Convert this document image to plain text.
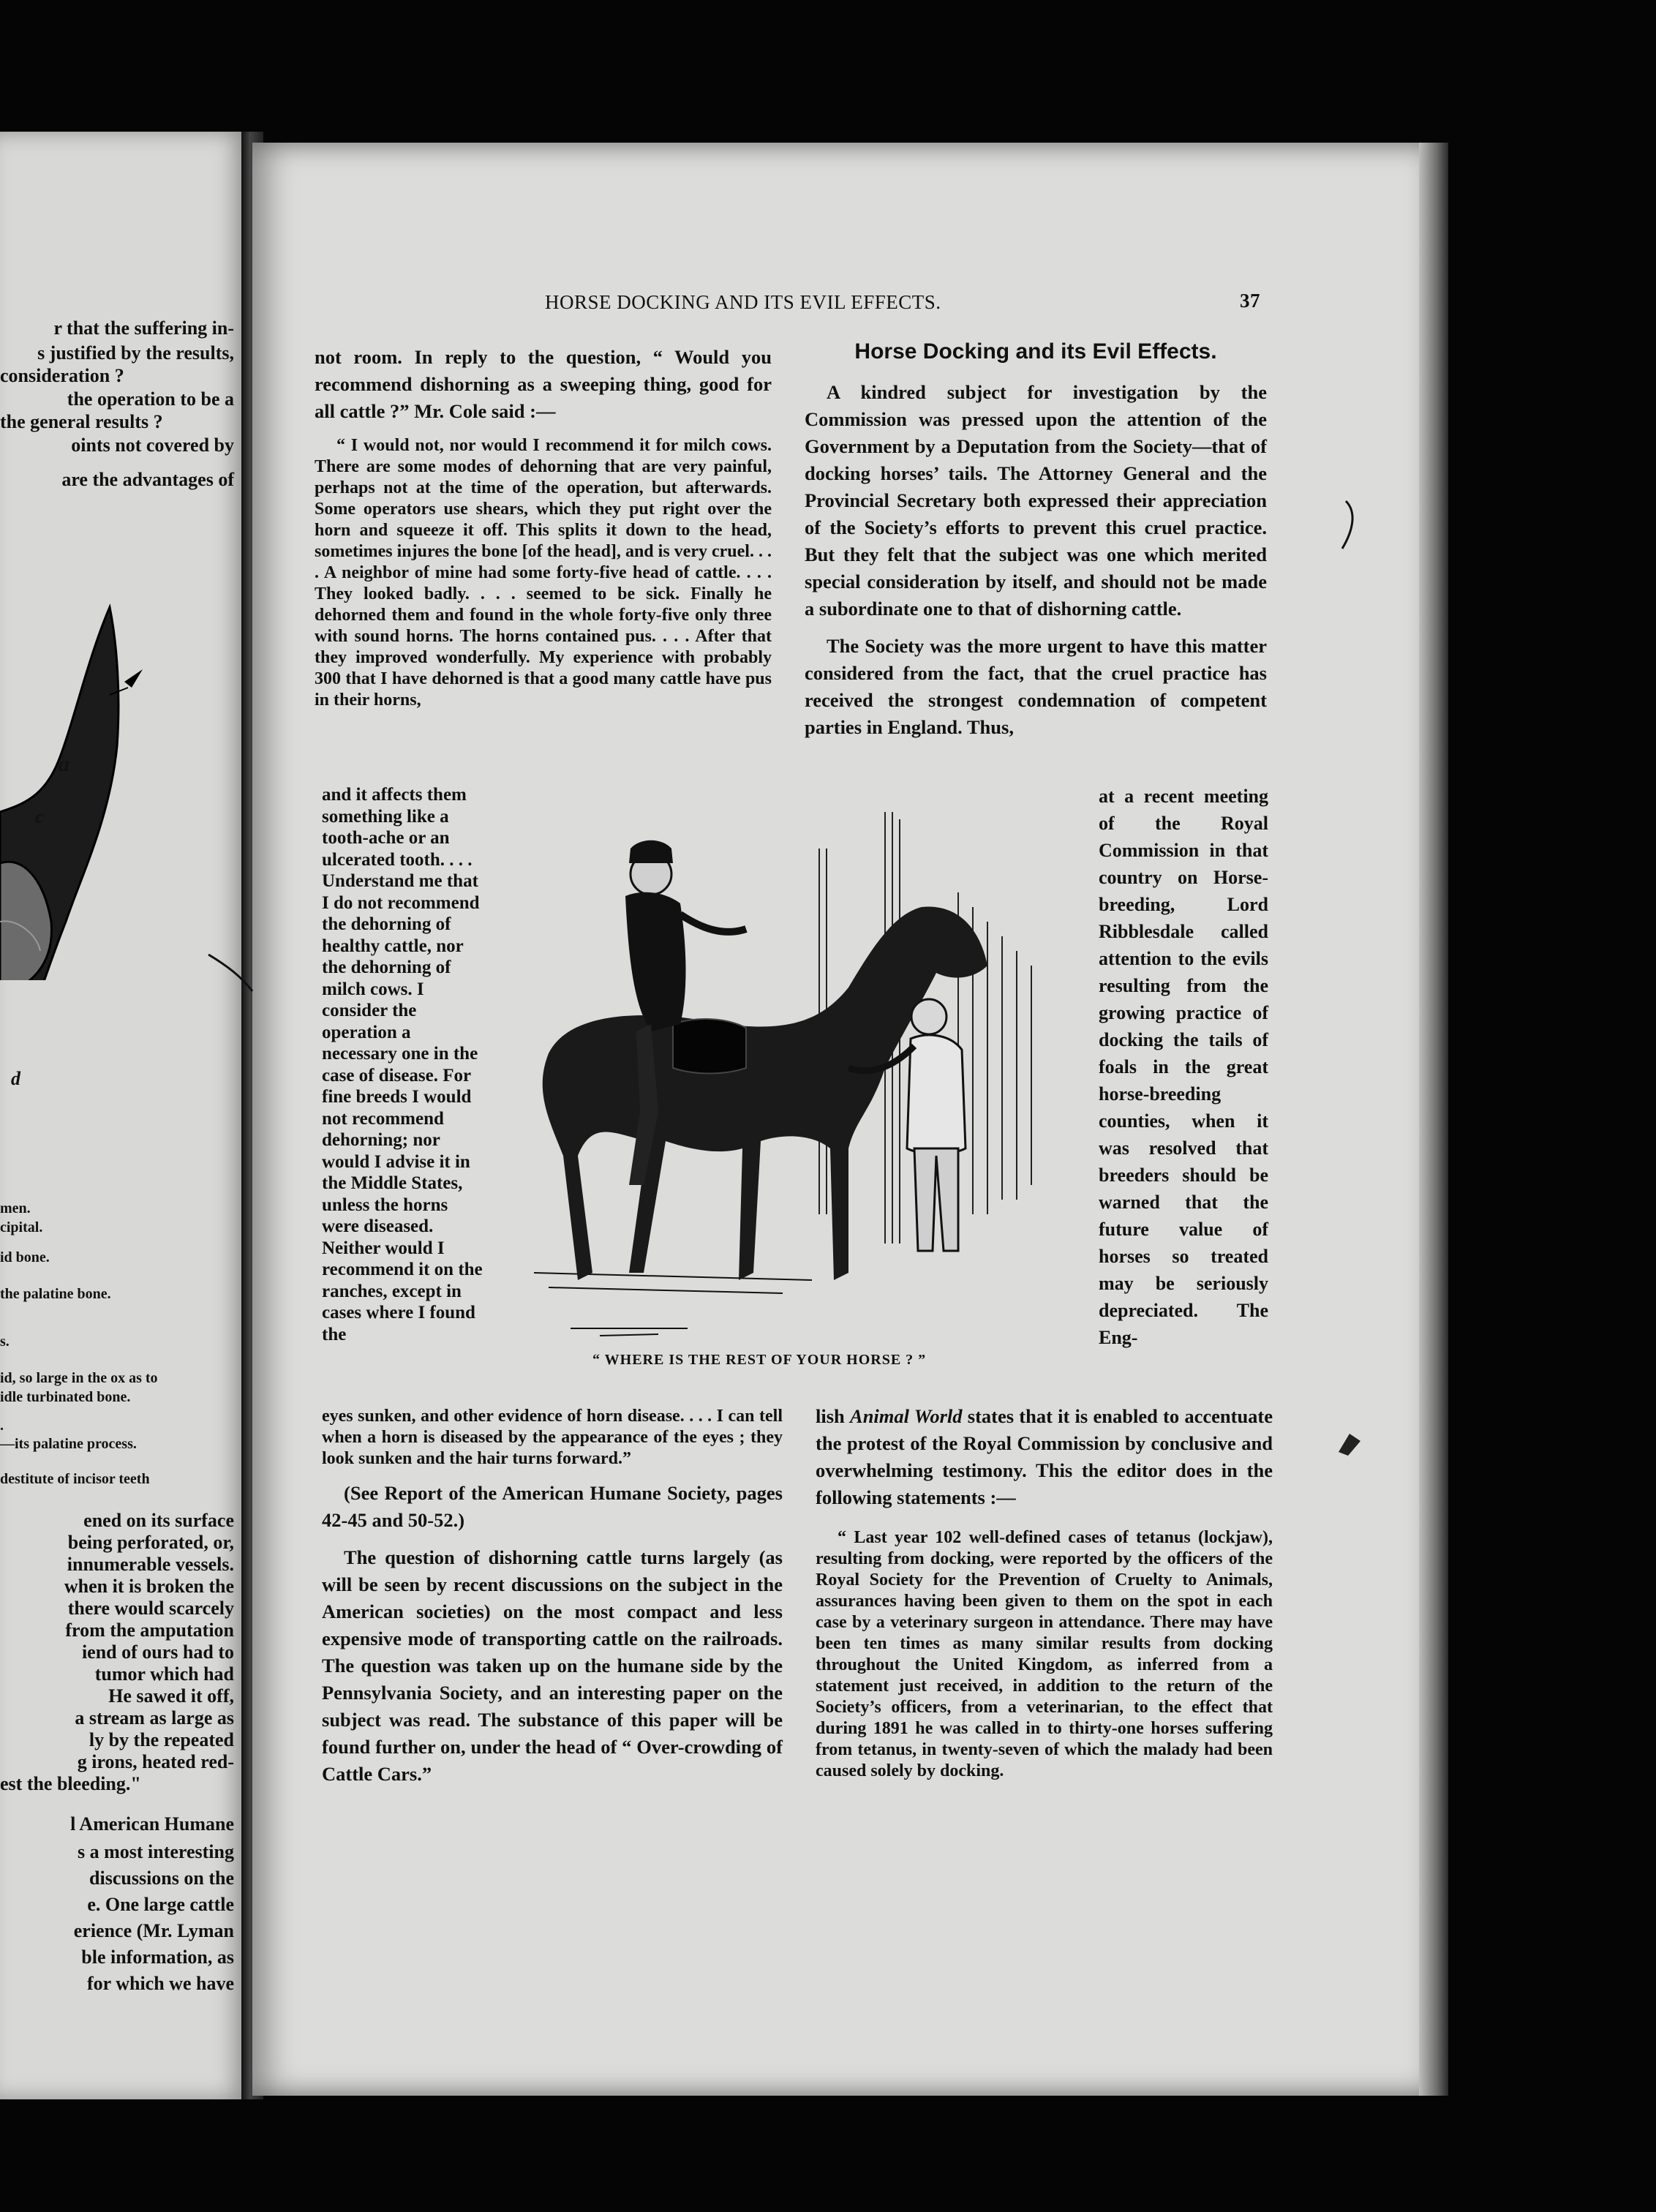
r that the suffering in-
s justified by the results,
consideration ?
the operation to be a
the general results ?
oints not covered by
are the advantages of
a
c
d
men.
cipital.
id bone.
the palatine bone.
s.
id, so large in the ox as to
idle turbinated bone.
.
—its palatine process.
destitute of incisor teeth
ened on its surface
being perforated, or,
innumerable vessels.
when it is broken the
there would scarcely
from the amputation
iend of ours had to
tumor which had
He sawed it off,
a stream as large as
ly by the repeated
g irons, heated red-
est the bleeding."
l American Humane
s a most interesting
discussions on the
e. One large cattle
erience (Mr. Lyman
ble information, as
for which we have
HORSE DOCKING AND ITS EVIL EFFECTS.	37

not room. In reply to the question, “ Would you recommend dishorning as a sweeping thing, good for all cattle ?” Mr. Cole said :—

“ I would not, nor would I recommend it for milch cows. There are some modes of dehorning that are very painful, perhaps not at the time of the operation, but afterwards. Some operators use shears, which they put right over the horn and squeeze it off. This splits it down to the head, sometimes injures the bone [of the head], and is very cruel. . . . A neighbor of mine had some forty-five head of cattle. . . . They looked badly. . . . seemed to be sick. Finally he dehorned them and found in the whole forty-five only three with sound horns. The horns contained pus. . . . After that they improved wonderfully. My experience with probably 300 that I have dehorned is that a good many cattle have pus in their horns,

and it affects them something like a tooth-ache or an ulcerated tooth. . . . Understand me that I do not recommend the dehorning of healthy cattle, nor the dehorning of milch cows. I consider the operation a necessary one in the case of disease. For fine breeds I would not recommend dehorning; nor would I advise it in the Middle States, unless the horns were diseased. Neither would I recommend it on the ranches, except in cases where I found the

eyes sunken, and other evidence of horn disease. . . . I can tell when a horn is diseased by the appearance of the eyes ; they look sunken and the hair turns forward.”

(See Report of the American Humane Society, pages 42-45 and 50-52.)

The question of dishorning cattle turns largely (as will be seen by recent discussions on the subject in the American societies) on the most compact and less expensive mode of transporting cattle on the railroads. The question was taken up on the humane side by the Pennsylvania Society, and an interesting paper on the subject was read. The substance of this paper will be found further on, under the head of “ Over-crowding of Cattle Cars.”

Horse Docking and its Evil Effects.

A kindred subject for investigation by the Commission was pressed upon the attention of the Government by a Deputation from the Society—that of docking horses’ tails. The Attorney General and the Provincial Secretary both expressed their appreciation of the Society’s efforts to prevent this cruel practice. But they felt that the subject was one which merited special consideration by itself, and should not be made a subordinate one to that of dishorning cattle.

The Society was the more urgent to have this matter considered from the fact, that the cruel practice has received the strongest condemnation of competent parties in England. Thus,

at a recent meeting of the Royal Commission in that country on Horse-breeding, Lord Ribblesdale called attention to the evils resulting from the growing practice of docking the tails of foals in the great horse-breeding counties, when it was resolved that breeders should be warned that the future value of horses so treated may be seriously depreciated. The Eng-

lish Animal World states that it is enabled to accentuate the protest of the Royal Commission by conclusive and overwhelming testimony. This the editor does in the following statements :—

“ Last year 102 well-defined cases of tetanus (lockjaw), resulting from docking, were reported by the officers of the Royal Society for the Prevention of Cruelty to Animals, assurances having been given to them on the spot in each case by a veterinary surgeon in attendance. There may have been ten times as many similar results from docking throughout the United Kingdom, as inferred from a statement just received, in addition to the return of the Society’s officers, from a veterinarian, to the effect that during 1891 he was called in to thirty-one horses suffering from tetanus, in twenty-seven of which the malady had been caused solely by docking.

“ WHERE IS THE REST OF YOUR HORSE ? ”
